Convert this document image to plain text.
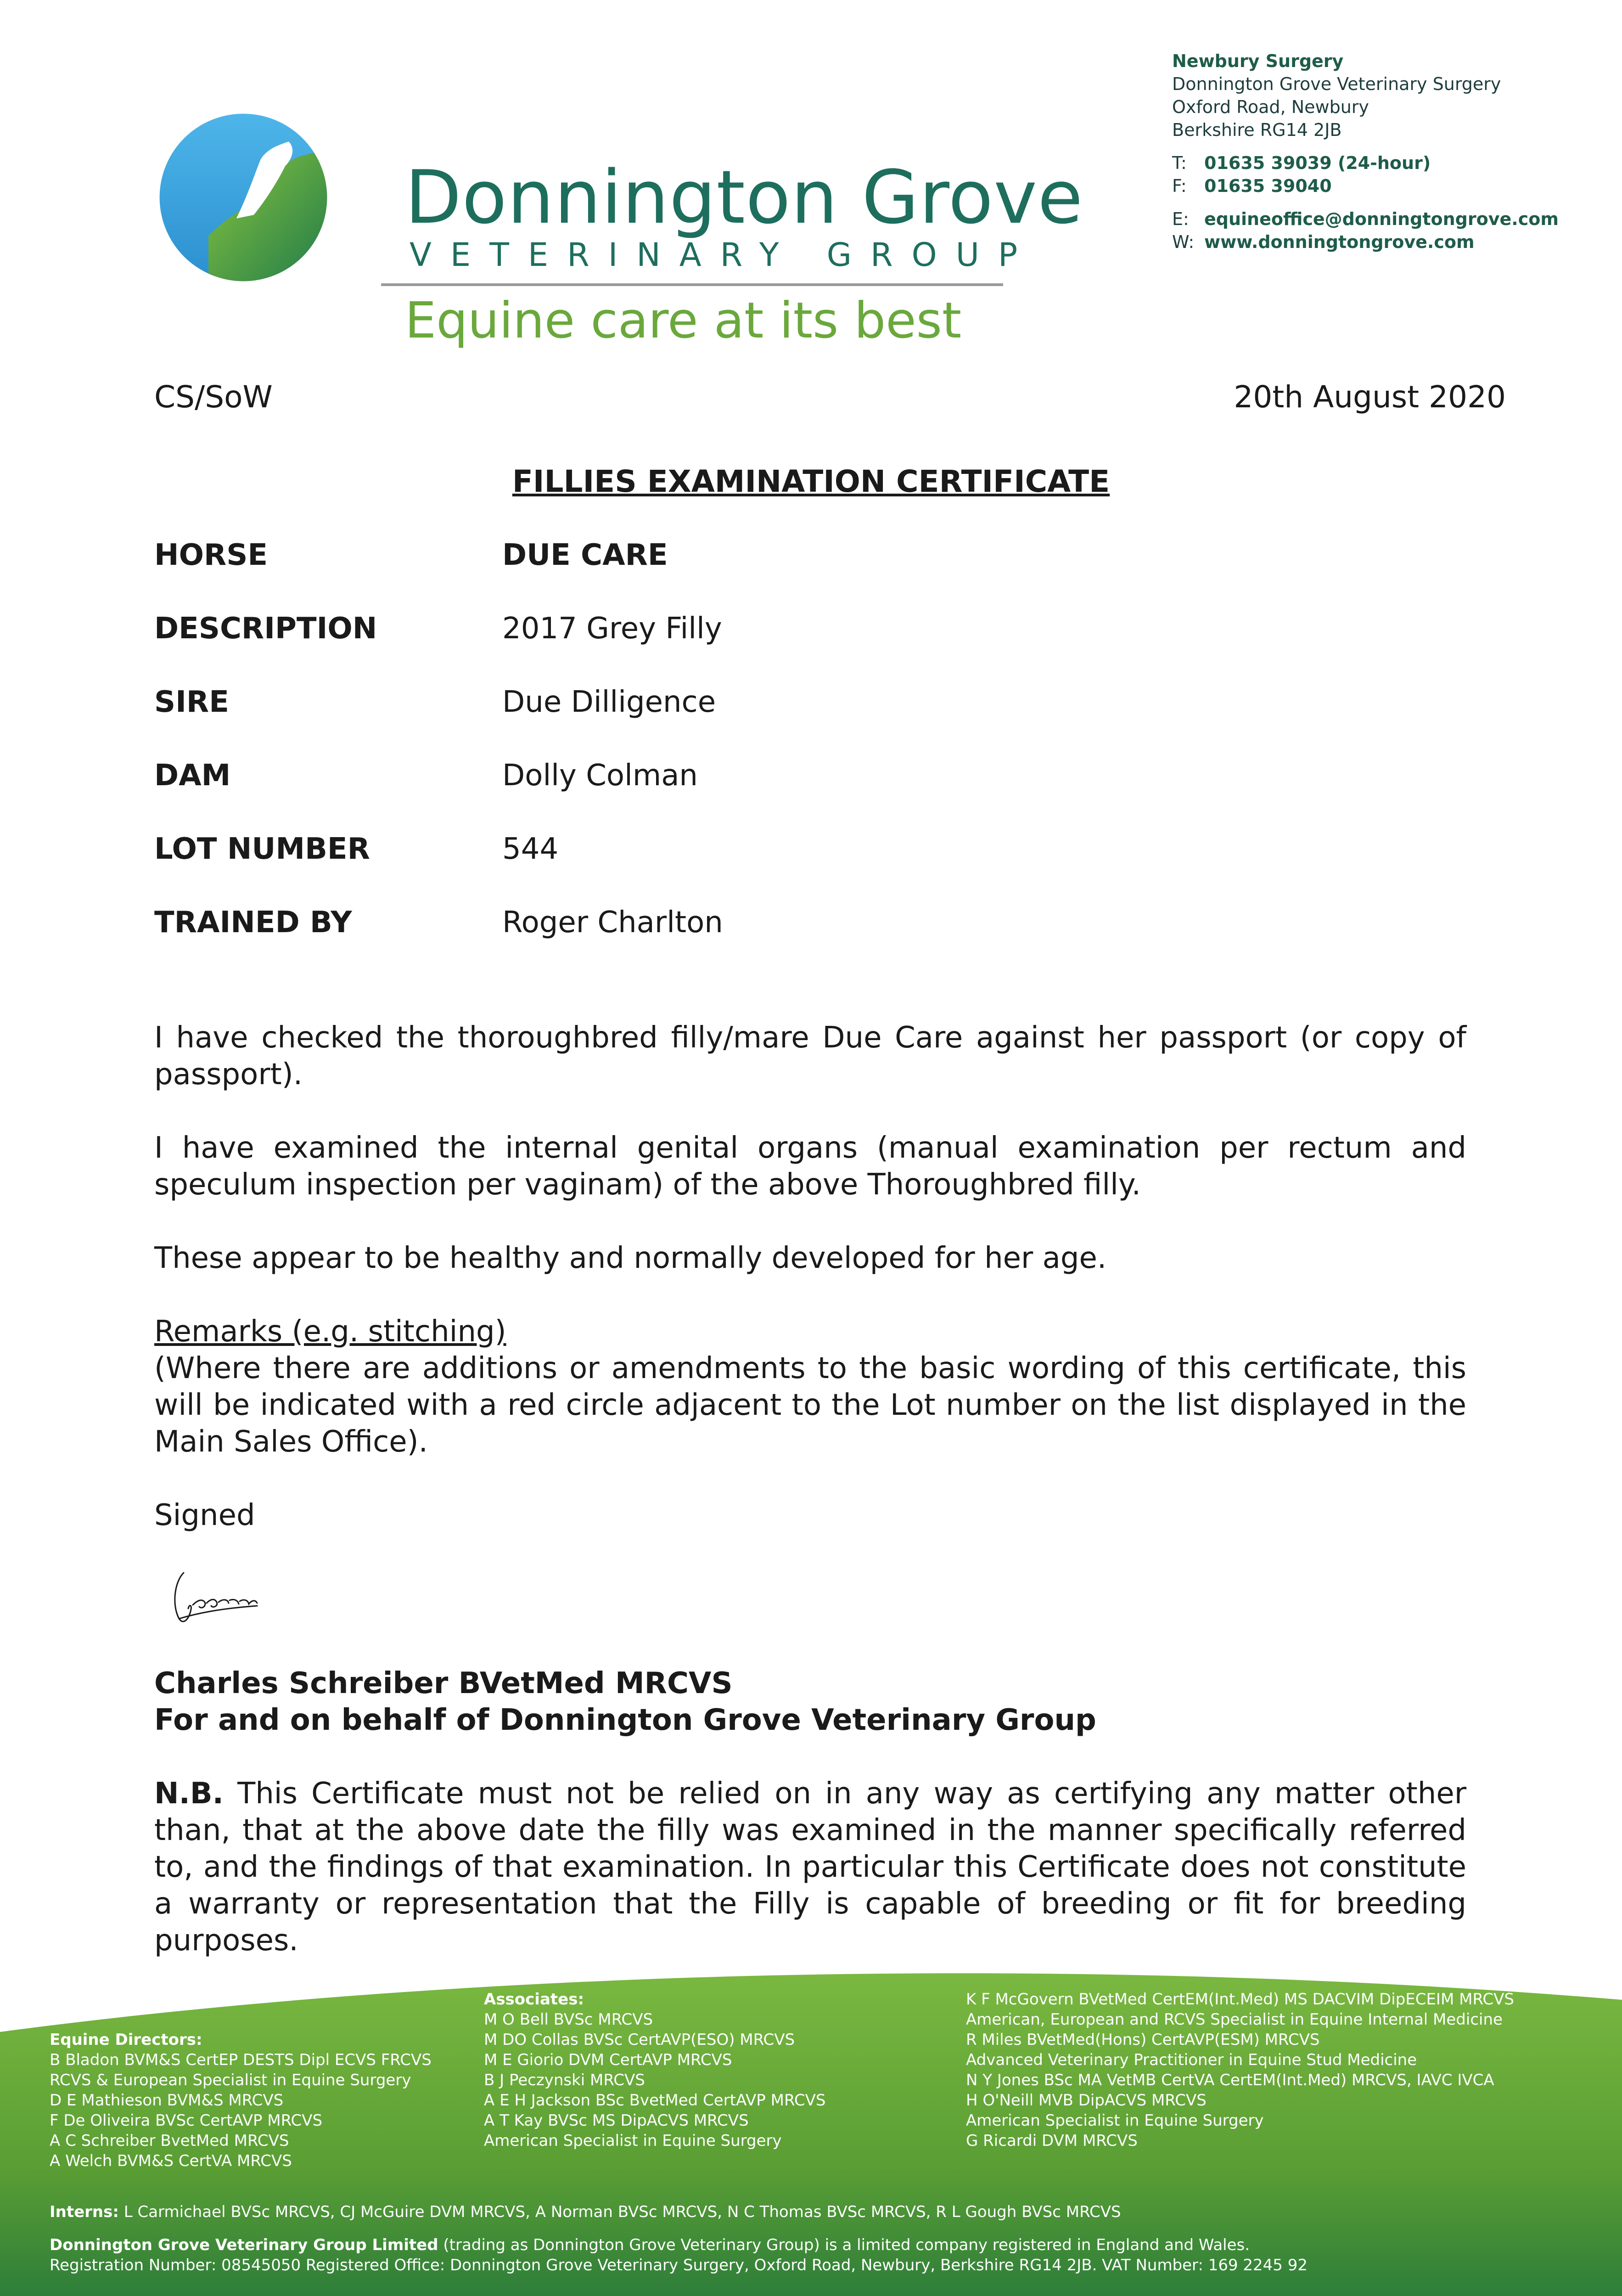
Donnington Grove
VETERINARY GROUP
Equine care at its best
Newbury Surgery
Donnington Grove Veterinary Surgery
Oxford Road, Newbury
Berkshire RG14 2JB
T:	01635 39039 (24-hour)
F:	01635 39040
E: equineoffice@donningtongrove.com
W: www.donningtongrove.com
CS/SoW	20th August 2020
FILLIES EXAMINATION CERTIFICATE
HORSE	DUE CARE
DESCRIPTION	2017 Grey Filly
SIRE	Due Dilligence
DAM	Dolly Colman
LOT NUMBER	544
TRAINED BY	Roger Charlton
I have checked the thoroughbred filly/mare Due Care against her passport (or copy of passport).
I have examined the internal genital organs (manual examination per rectum and speculum inspection per vaginam) of the above Thoroughbred filly.
These appear to be healthy and normally developed for her age.
Remarks (e.g. stitching)
(Where there are additions or amendments to the basic wording of this certificate, this will be indicated with a red circle adjacent to the Lot number on the list displayed in the Main Sales Office).
Signed
Charles Schreiber BVetMed MRCVS
For and on behalf of Donnington Grove Veterinary Group
N.B. This Certificate must not be relied on in any way as certifying any matter other than, that at the above date the filly was examined in the manner specifically referred to, and the findings of that examination. In particular this Certificate does not constitute a warranty or representation that the Filly is capable of breeding or fit for breeding purposes.
Equine Directors:
B Bladon BVM&S CertEP DESTS Dipl ECVS FRCVS
RCVS & European Specialist in Equine Surgery
D E Mathieson BVM&S MRCVS
F De Oliveira BVSc CertAVP MRCVS
A C Schreiber BvetMed MRCVS
A Welch BVM&S CertVA MRCVS
Associates:
M O Bell BVSc MRCVS
M DO Collas BVSc CertAVP(ESO) MRCVS
M E Giorio DVM CertAVP MRCVS
B J Peczynski MRCVS
A E H Jackson BSc BvetMed CertAVP MRCVS
A T Kay BVSc MS DipACVS MRCVS
American Specialist in Equine Surgery
K F McGovern BVetMed CertEM(Int.Med) MS DACVIM DipECEIM MRCVS
American, European and RCVS Specialist in Equine Internal Medicine
R Miles BVetMed(Hons) CertAVP(ESM) MRCVS
Advanced Veterinary Practitioner in Equine Stud Medicine
N Y Jones BSc MA VetMB CertVA CertEM(Int.Med) MRCVS, IAVC IVCA
H O'Neill MVB DipACVS MRCVS
American Specialist in Equine Surgery
G Ricardi DVM MRCVS
Interns: L Carmichael BVSc MRCVS, CJ McGuire DVM MRCVS, A Norman BVSc MRCVS, N C Thomas BVSc MRCVS, R L Gough BVSc MRCVS
Donnington Grove Veterinary Group Limited (trading as Donnington Grove Veterinary Group) is a limited company registered in England and Wales.
Registration Number: 08545050 Registered Office: Donnington Grove Veterinary Surgery, Oxford Road, Newbury, Berkshire RG14 2JB. VAT Number: 169 2245 92
